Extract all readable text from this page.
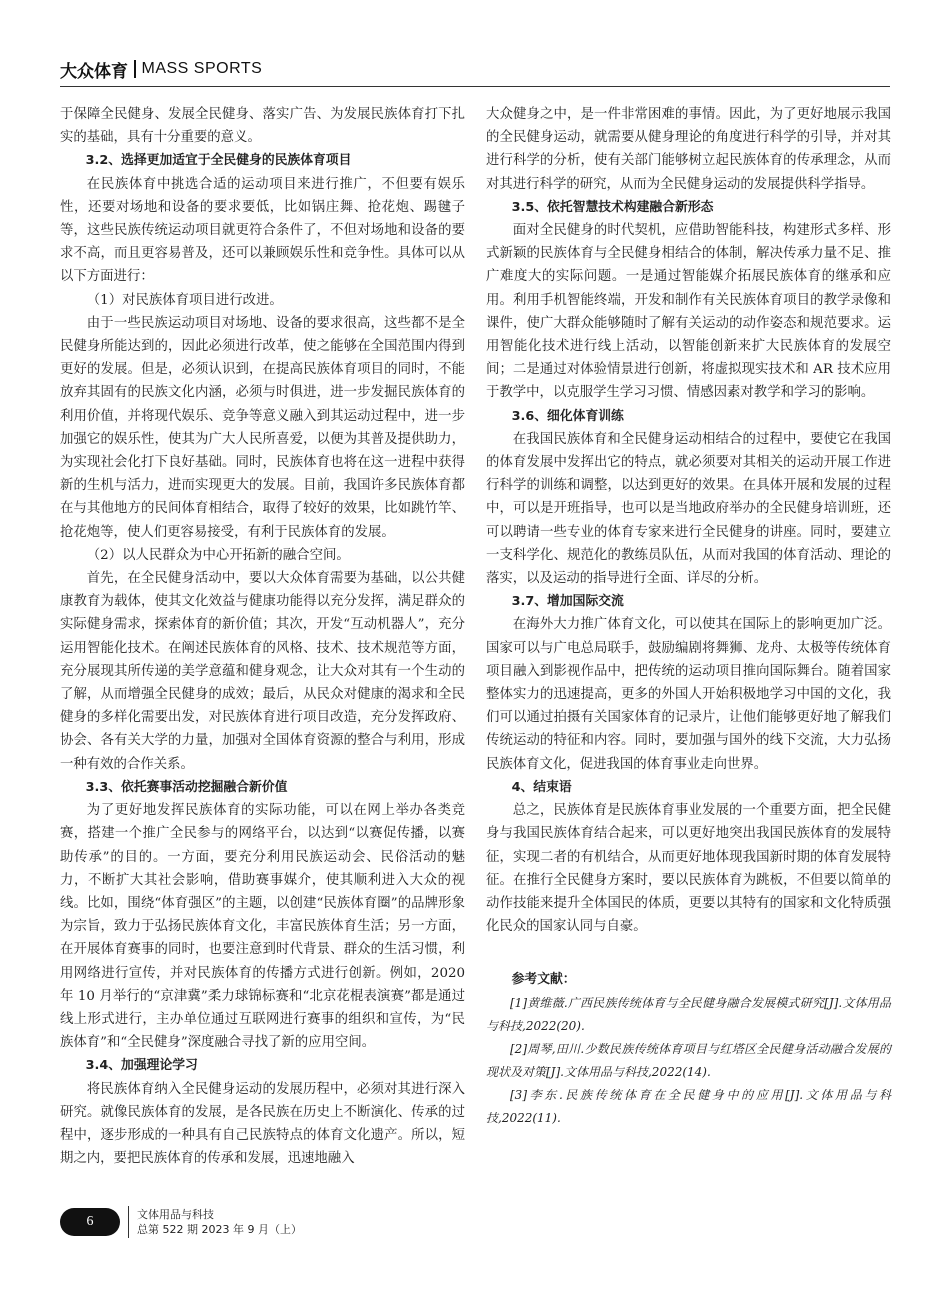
大众体育 MASS SPORTS

于保障全民健身、发展全民健身、落实广告、为发展民族体育打下扎实的基础，具有十分重要的意义。

3.2、选择更加适宜于全民健身的民族体育项目

在民族体育中挑选合适的运动项目来进行推广，不但要有娱乐性，还要对场地和设备的要求要低，比如锅庄舞、抢花炮、踢毽子等，这些民族传统运动项目就更符合条件了，不但对场地和设备的要求不高，而且更容易普及，还可以兼顾娱乐性和竞争性。具体可以从以下方面进行：

（1）对民族体育项目进行改进。

由于一些民族运动项目对场地、设备的要求很高，这些都不是全民健身所能达到的，因此必须进行改革，使之能够在全国范围内得到更好的发展。但是，必须认识到，在提高民族体育项目的同时，不能放弃其固有的民族文化内涵，必须与时俱进，进一步发掘民族体育的利用价值，并将现代娱乐、竞争等意义融入到其运动过程中，进一步加强它的娱乐性，使其为广大人民所喜爱，以便为其普及提供助力，为实现社会化打下良好基础。同时，民族体育也将在这一进程中获得新的生机与活力，进而实现更大的发展。目前，我国许多民族体育都在与其他地方的民间体育相结合，取得了较好的效果，比如跳竹竿、抢花炮等，使人们更容易接受，有利于民族体育的发展。

（2）以人民群众为中心开拓新的融合空间。

首先，在全民健身活动中，要以大众体育需要为基础，以公共健康教育为载体，使其文化效益与健康功能得以充分发挥，满足群众的实际健身需求，探索体育的新价值；其次，开发“互动机器人”，充分运用智能化技术。在阐述民族体育的风格、技术、技术规范等方面，充分展现其所传递的美学意蕴和健身观念，让大众对其有一个生动的了解，从而增强全民健身的成效；最后，从民众对健康的渴求和全民健身的多样化需要出发，对民族体育进行项目改造，充分发挥政府、协会、各有关大学的力量，加强对全国体育资源的整合与利用，形成一种有效的合作关系。

3.3、依托赛事活动挖掘融合新价值

为了更好地发挥民族体育的实际功能，可以在网上举办各类竞赛，搭建一个推广全民参与的网络平台，以达到“以赛促传播，以赛助传承”的目的。一方面，要充分利用民族运动会、民俗活动的魅力，不断扩大其社会影响，借助赛事媒介，使其顺利进入大众的视线。比如，围绕“体育强区”的主题，以创建“民族体育圈”的品牌形象为宗旨，致力于弘扬民族体育文化，丰富民族体育生活；另一方面，在开展体育赛事的同时，也要注意到时代背景、群众的生活习惯，利用网络进行宣传，并对民族体育的传播方式进行创新。例如，2020 年 10 月举行的“京津冀”柔力球锦标赛和“北京花棍表演赛”都是通过线上形式进行，主办单位通过互联网进行赛事的组织和宣传，为“民族体育”和“全民健身”深度融合寻找了新的应用空间。

3.4、加强理论学习

将民族体育纳入全民健身运动的发展历程中，必须对其进行深入研究。就像民族体育的发展，是各民族在历史上不断演化、传承的过程中，逐步形成的一种具有自己民族特点的体育文化遗产。所以，短期之内，要把民族体育的传承和发展，迅速地融入

大众健身之中，是一件非常困难的事情。因此，为了更好地展示我国的全民健身运动，就需要从健身理论的角度进行科学的引导，并对其进行科学的分析，使有关部门能够树立起民族体育的传承理念，从而对其进行科学的研究，从而为全民健身运动的发展提供科学指导。

3.5、依托智慧技术构建融合新形态

面对全民健身的时代契机，应借助智能科技，构建形式多样、形式新颖的民族体育与全民健身相结合的体制，解决传承力量不足、推广难度大的实际问题。一是通过智能媒介拓展民族体育的继承和应用。利用手机智能终端，开发和制作有关民族体育项目的教学录像和课件，使广大群众能够随时了解有关运动的动作姿态和规范要求。运用智能化技术进行线上活动，以智能创新来扩大民族体育的发展空间；二是通过对体验情景进行创新，将虚拟现实技术和 AR 技术应用于教学中，以克服学生学习习惯、情感因素对教学和学习的影响。

3.6、细化体育训练

在我国民族体育和全民健身运动相结合的过程中，要使它在我国的体育发展中发挥出它的特点，就必须要对其相关的运动开展工作进行科学的训练和调整，以达到更好的效果。在具体开展和发展的过程中，可以是开班指导，也可以是当地政府举办的全民健身培训班，还可以聘请一些专业的体育专家来进行全民健身的讲座。同时，要建立一支科学化、规范化的教练员队伍，从而对我国的体育活动、理论的落实，以及运动的指导进行全面、详尽的分析。

3.7、增加国际交流

在海外大力推广体育文化，可以使其在国际上的影响更加广泛。国家可以与广电总局联手，鼓励编剧将舞狮、龙舟、太极等传统体育项目融入到影视作品中，把传统的运动项目推向国际舞台。随着国家整体实力的迅速提高，更多的外国人开始积极地学习中国的文化，我们可以通过拍摄有关国家体育的记录片，让他们能够更好地了解我们传统运动的特征和内容。同时，要加强与国外的线下交流，大力弘扬民族体育文化，促进我国的体育事业走向世界。

4、结束语

总之，民族体育是民族体育事业发展的一个重要方面，把全民健身与我国民族体育结合起来，可以更好地突出我国民族体育的发展特征，实现二者的有机结合，从而更好地体现我国新时期的体育发展特征。在推行全民健身方案时，要以民族体育为跳板，不但要以简单的动作技能来提升全体国民的体质，更要以其特有的国家和文化特质强化民众的国家认同与自豪。

参考文献：
[1]黄维薇.广西民族传统体育与全民健身融合发展模式研究[J].文体用品与科技,2022(20).
[2]周琴,田川.少数民族传统体育项目与红塔区全民健身活动融合发展的现状及对策[J].文体用品与科技,2022(14).
[3]李东.民族传统体育在全民健身中的应用[J].文体用品与科技,2022(11).
6	文体用品与科技
总第 522 期 2023 年 9 月（上）
